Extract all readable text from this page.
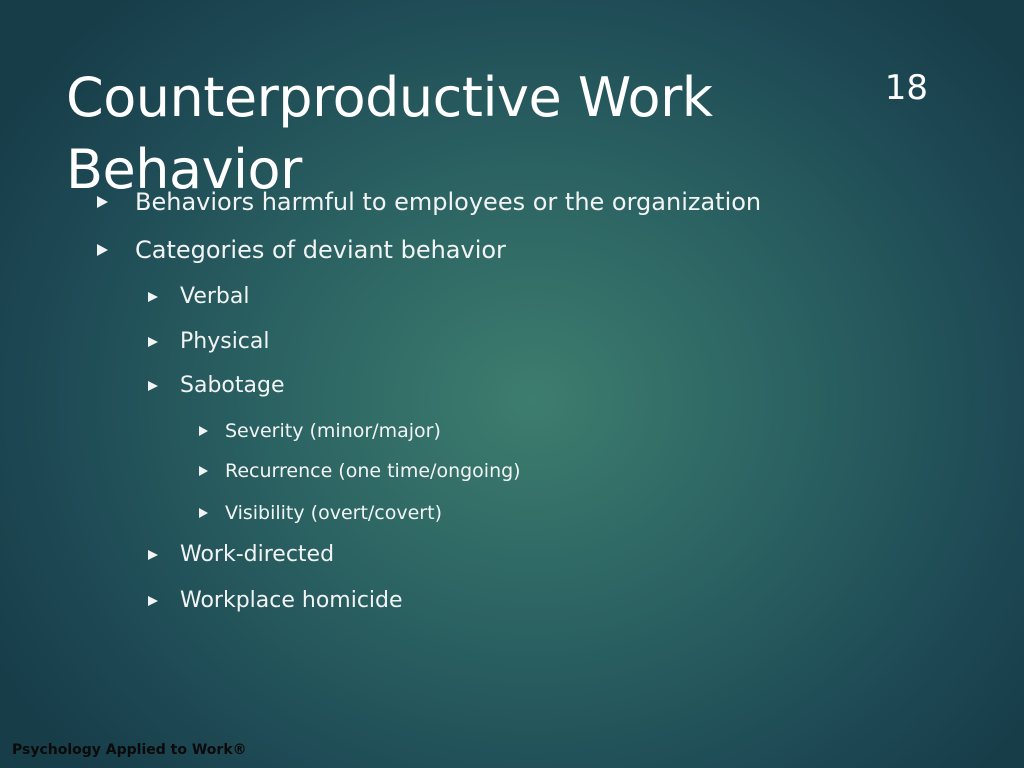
Counterproductive Work Behavior
18
Behaviors harmful to employees or the organization
Categories of deviant behavior
Verbal
Physical
Sabotage
Severity (minor/major)
Recurrence (one time/ongoing)
Visibility (overt/covert)
Work-directed
Workplace homicide
Psychology Applied to Work®
